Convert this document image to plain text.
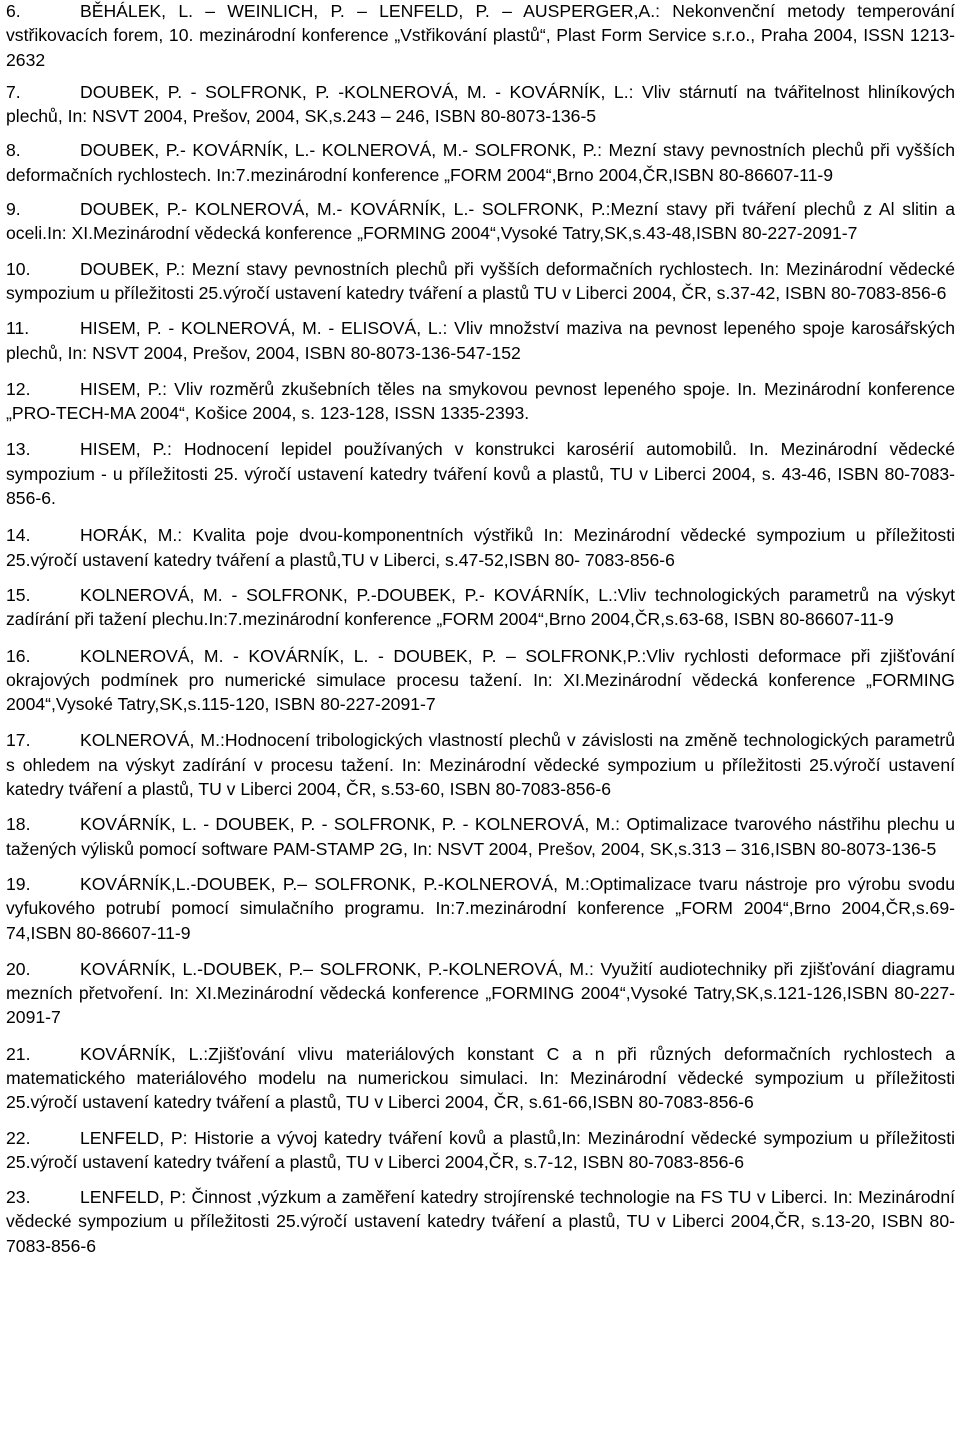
6.	BĚHÁLEK, L. – WEINLICH, P. – LENFELD, P. – AUSPERGER,A.: Nekonvenční metody temperování vstřikovacích forem, 10. mezinárodní konference „Vstřikování plastů“, Plast Form Service s.r.o., Praha 2004, ISSN 1213-2632
7.	DOUBEK, P. - SOLFRONK, P. -KOLNEROVÁ, M. - KOVÁRNÍK, L.: Vliv stárnutí na tvářitelnost hliníkových plechů, In: NSVT 2004, Prešov, 2004, SK,s.243 – 246, ISBN 80-8073-136-5
8.	DOUBEK, P.- KOVÁRNÍK, L.- KOLNEROVÁ, M.- SOLFRONK, P.: Mezní stavy pevnostních plechů při vyšších deformačních rychlostech. In:7.mezinárodní konference „FORM 2004“,Brno 2004,ČR,ISBN 80-86607-11-9
9.	DOUBEK, P.- KOLNEROVÁ, M.- KOVÁRNÍK, L.- SOLFRONK, P.:Mezní stavy při tváření plechů z Al slitin a oceli.In: XI.Mezinárodní vědecká konference „FORMING 2004“,Vysoké Tatry,SK,s.43-48,ISBN 80-227-2091-7
10.	DOUBEK, P.: Mezní stavy pevnostních plechů při vyšších deformačních rychlostech. In: Mezinárodní vědecké sympozium u příležitosti 25.výročí ustavení katedry tváření a plastů TU v Liberci 2004, ČR, s.37-42, ISBN 80-7083-856-6
11.	HISEM, P. - KOLNEROVÁ, M. - ELISOVÁ, L.: Vliv množství maziva na pevnost lepeného spoje karosářských plechů, In: NSVT 2004, Prešov, 2004, ISBN 80-8073-136-547-152
12.	HISEM, P.: Vliv rozměrů zkušebních těles na smykovou pevnost lepeného spoje. In. Mezinárodní konference „PRO-TECH-MA 2004“, Košice 2004, s. 123-128, ISSN 1335-2393.
13.	HISEM, P.: Hodnocení lepidel používaných v konstrukci karosérií automobilů. In. Mezinárodní vědecké sympozium - u příležitosti 25. výročí ustavení katedry tváření kovů a plastů, TU v Liberci 2004, s. 43-46, ISBN 80-7083-856-6.
14.	HORÁK, M.: Kvalita poje dvou-komponentních výstřiků In: Mezinárodní vědecké sympozium u příležitosti 25.výročí ustavení katedry tváření a plastů,TU v Liberci, s.47-52,ISBN 80- 7083-856-6
15.	KOLNEROVÁ, M. - SOLFRONK, P.-DOUBEK, P.- KOVÁRNÍK, L.:Vliv technologických parametrů na výskyt zadírání při tažení plechu.In:7.mezinárodní konference „FORM 2004“,Brno 2004,ČR,s.63-68, ISBN 80-86607-11-9
16.	KOLNEROVÁ, M. - KOVÁRNÍK, L. - DOUBEK, P. – SOLFRONK,P.:Vliv rychlosti deformace při zjišťování okrajových podmínek pro numerické simulace procesu tažení. In: XI.Mezinárodní vědecká konference „FORMING 2004“,Vysoké Tatry,SK,s.115-120, ISBN 80-227-2091-7
17.	KOLNEROVÁ, M.:Hodnocení tribologických vlastností plechů v závislosti na změně technologických parametrů s ohledem na výskyt zadírání v procesu tažení. In: Mezinárodní vědecké sympozium u příležitosti 25.výročí ustavení katedry tváření a plastů, TU v Liberci 2004, ČR, s.53-60, ISBN 80-7083-856-6
18.	KOVÁRNÍK, L. - DOUBEK, P. - SOLFRONK, P. - KOLNEROVÁ, M.: Optimalizace tvarového nástřihu plechu u tažených výlisků pomocí software PAM-STAMP 2G, In: NSVT 2004, Prešov, 2004, SK,s.313 – 316,ISBN 80-8073-136-5
19.	KOVÁRNÍK,L.-DOUBEK, P.– SOLFRONK, P.-KOLNEROVÁ, M.:Optimalizace tvaru nástroje pro výrobu svodu vyfukového potrubí pomocí simulačního programu. In:7.mezinárodní konference „FORM 2004“,Brno 2004,ČR,s.69-74,ISBN 80-86607-11-9
20.	KOVÁRNÍK, L.-DOUBEK, P.– SOLFRONK, P.-KOLNEROVÁ, M.: Využití audiotechniky při zjišťování diagramu mezních přetvoření. In: XI.Mezinárodní vědecká konference „FORMING 2004“,Vysoké Tatry,SK,s.121-126,ISBN 80-227-2091-7
21.	KOVÁRNÍK, L.:Zjišťování vlivu materiálových konstant C a n při různých deformačních rychlostech a matematického materiálového modelu na numerickou simulaci. In: Mezinárodní vědecké sympozium u příležitosti 25.výročí ustavení katedry tváření a plastů, TU v Liberci 2004, ČR, s.61-66,ISBN 80-7083-856-6
22.	LENFELD, P: Historie a vývoj katedry tváření kovů a plastů,In: Mezinárodní vědecké sympozium u příležitosti 25.výročí ustavení katedry tváření a plastů, TU v Liberci 2004,ČR, s.7-12, ISBN 80-7083-856-6
23.	LENFELD, P: Činnost ,výzkum a zaměření katedry strojírenské technologie na FS TU v Liberci. In: Mezinárodní vědecké sympozium u příležitosti 25.výročí ustavení katedry tváření a plastů, TU v Liberci 2004,ČR, s.13-20, ISBN 80-7083-856-6
